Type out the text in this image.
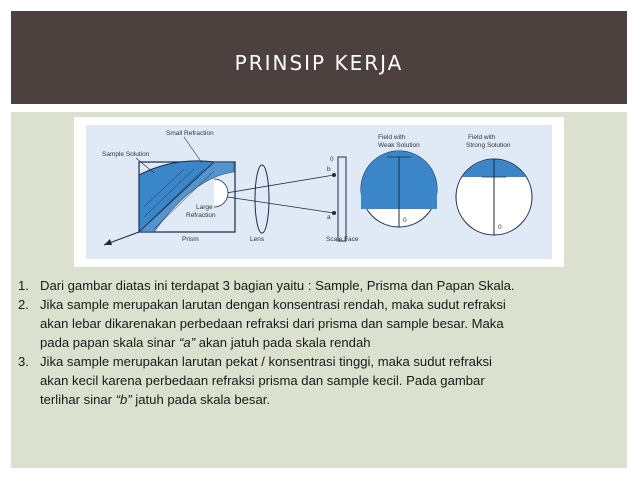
PRINSIP KERJA
Small Refraction
Sample Solution
Large
Refraction
Prism	Lens	Scale Face
b
a
0
Field with
Weak Solution
Field with
Strong Solution
0
0
1. Dari gambar diatas ini terdapat 3 bagian yaitu : Sample, Prisma dan Papan Skala.
2. Jika sample merupakan larutan dengan konsentrasi rendah, maka sudut refraksi
akan lebar dikarenakan perbedaan refraksi dari prisma dan sample besar. Maka
pada papan skala sinar “a” akan jatuh pada skala rendah
3. Jika sample merupakan larutan pekat / konsentrasi tinggi, maka sudut refraksi
akan kecil karena perbedaan refraksi prisma dan sample kecil. Pada gambar
terlihar sinar “b” jatuh pada skala besar.
